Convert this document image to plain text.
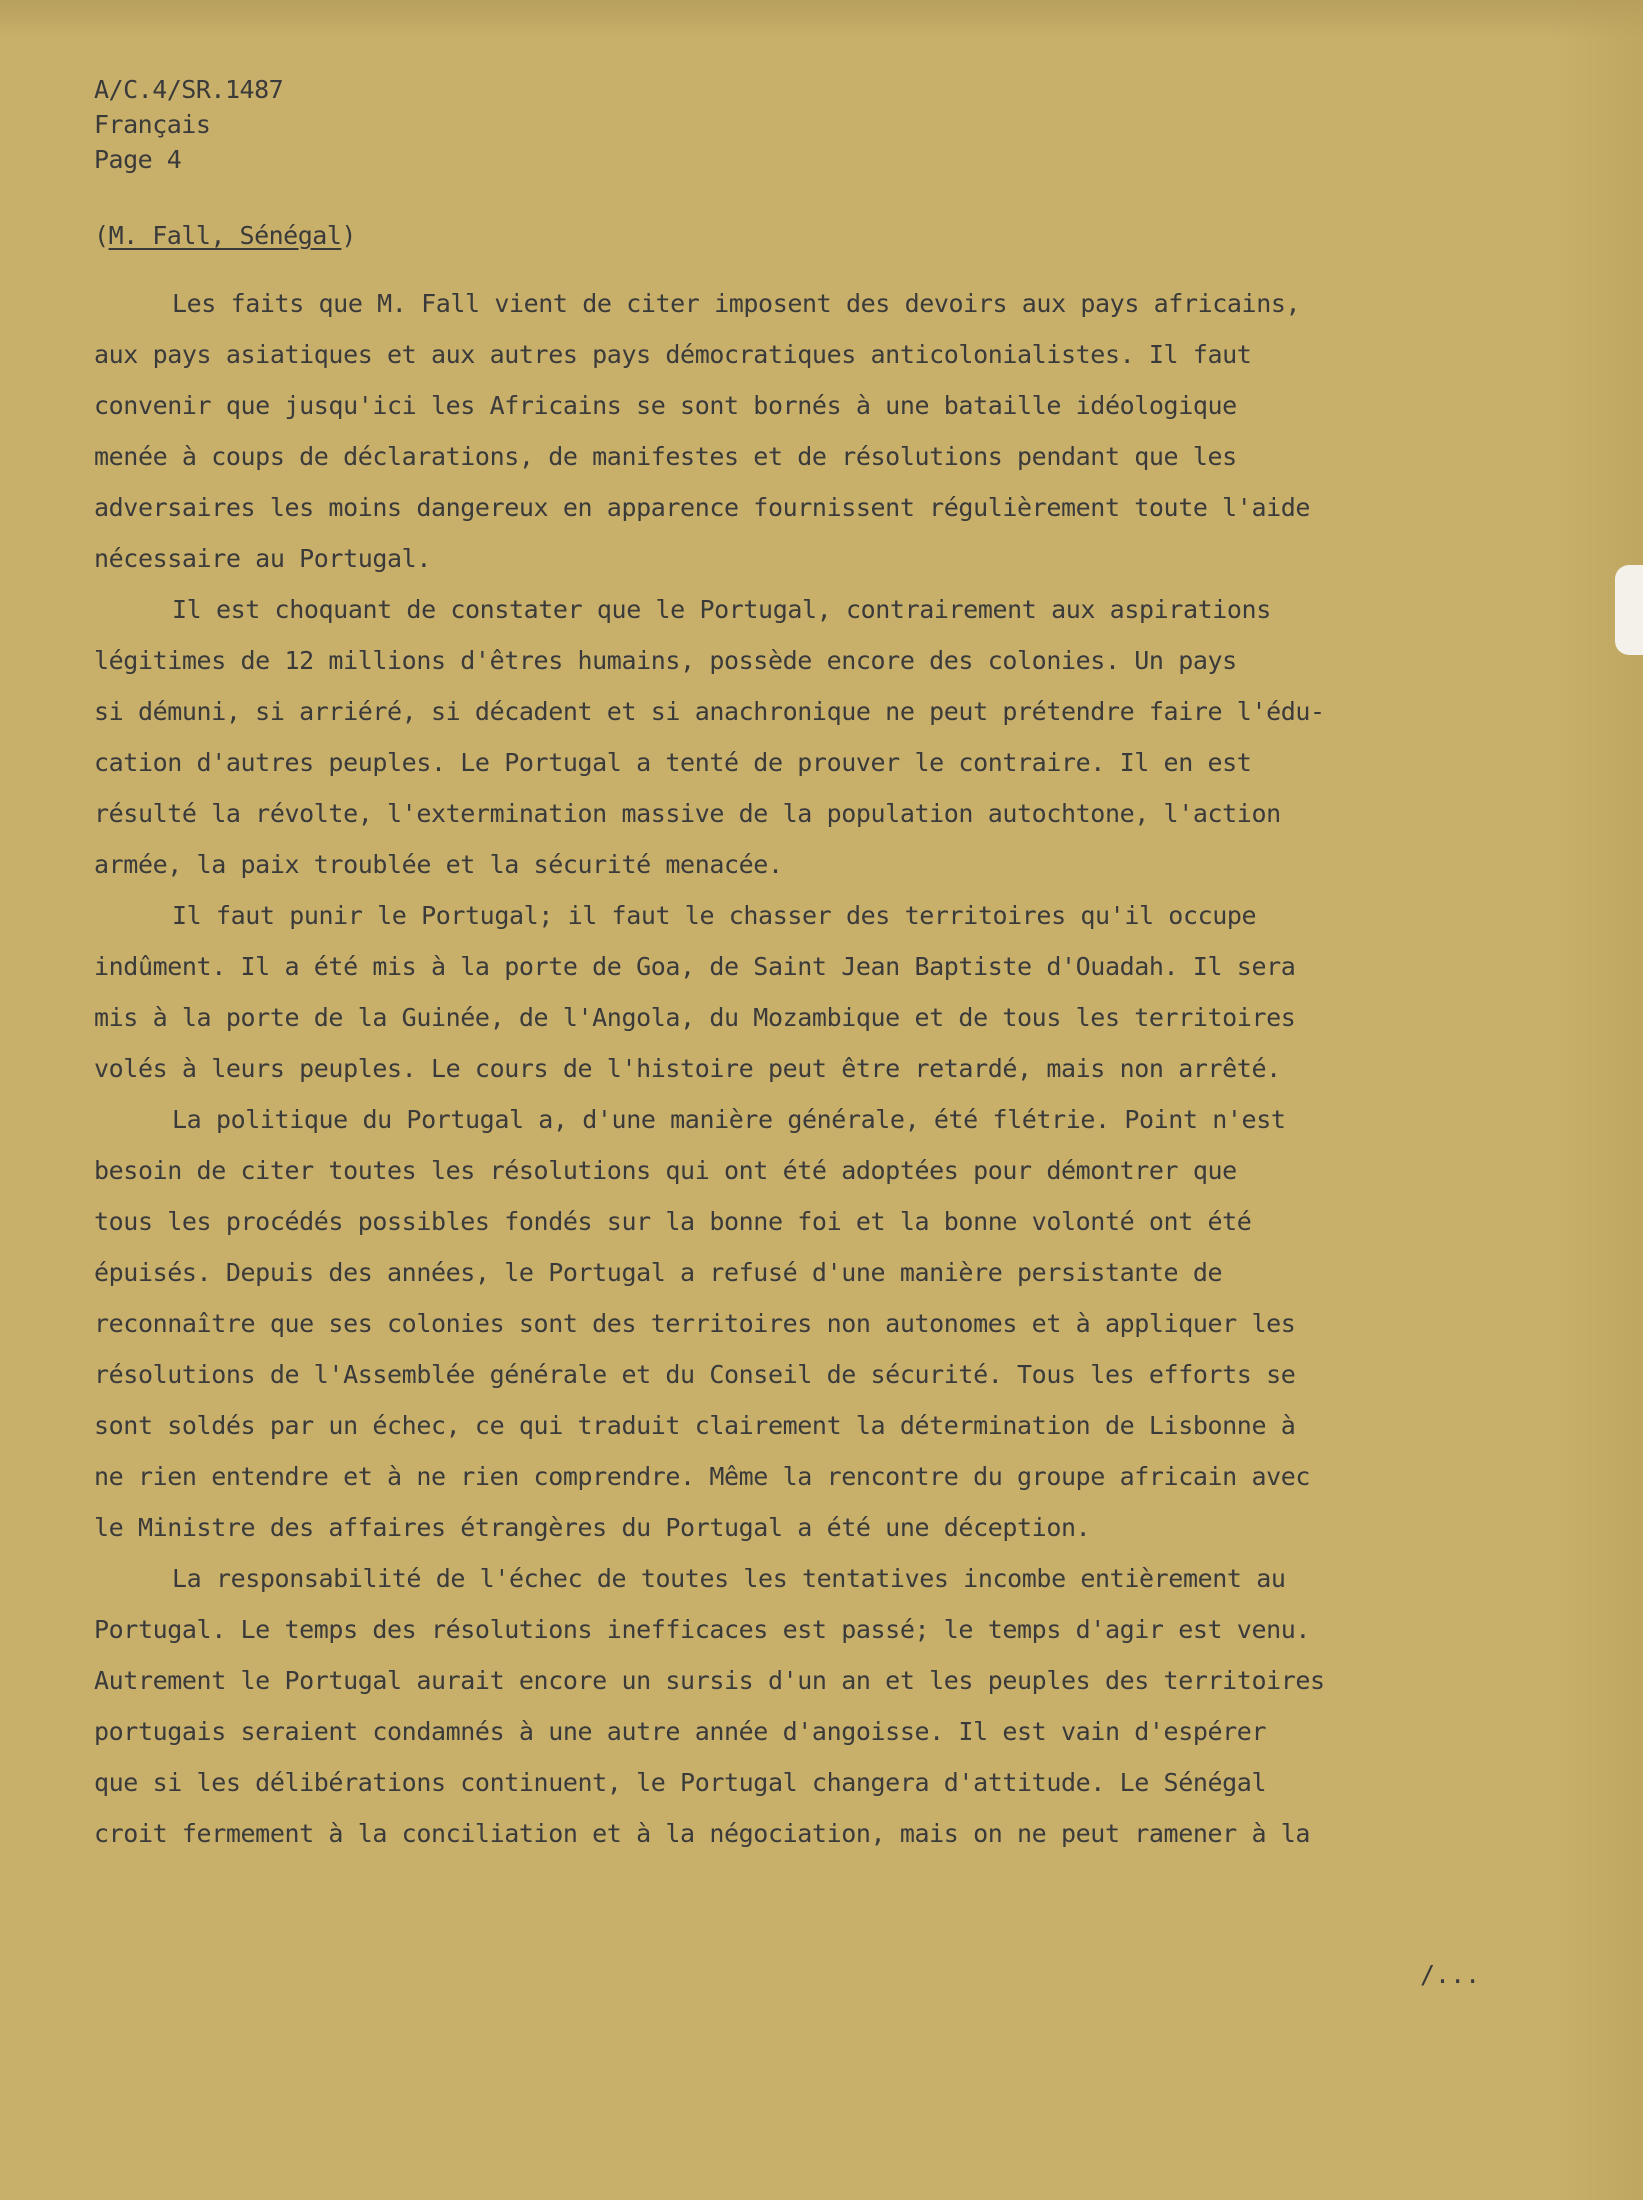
A/C.4/SR.1487
Français
Page 4
(M. Fall, Sénégal)
Les faits que M. Fall vient de citer imposent des devoirs aux pays africains,
aux pays asiatiques et aux autres pays démocratiques anticolonialistes. Il faut
convenir que jusqu'ici les Africains se sont bornés à une bataille idéologique
menée à coups de déclarations, de manifestes et de résolutions pendant que les
adversaires les moins dangereux en apparence fournissent régulièrement toute l'aide
nécessaire au Portugal.
Il est choquant de constater que le Portugal, contrairement aux aspirations
légitimes de 12 millions d'êtres humains, possède encore des colonies. Un pays
si démuni, si arriéré, si décadent et si anachronique ne peut prétendre faire l'édu-
cation d'autres peuples. Le Portugal a tenté de prouver le contraire. Il en est
résulté la révolte, l'extermination massive de la population autochtone, l'action
armée, la paix troublée et la sécurité menacée.
Il faut punir le Portugal; il faut le chasser des territoires qu'il occupe
indûment. Il a été mis à la porte de Goa, de Saint Jean Baptiste d'Ouadah. Il sera
mis à la porte de la Guinée, de l'Angola, du Mozambique et de tous les territoires
volés à leurs peuples. Le cours de l'histoire peut être retardé, mais non arrêté.
La politique du Portugal a, d'une manière générale, été flétrie. Point n'est
besoin de citer toutes les résolutions qui ont été adoptées pour démontrer que
tous les procédés possibles fondés sur la bonne foi et la bonne volonté ont été
épuisés. Depuis des années, le Portugal a refusé d'une manière persistante de
reconnaître que ses colonies sont des territoires non autonomes et à appliquer les
résolutions de l'Assemblée générale et du Conseil de sécurité. Tous les efforts se
sont soldés par un échec, ce qui traduit clairement la détermination de Lisbonne à
ne rien entendre et à ne rien comprendre. Même la rencontre du groupe africain avec
le Ministre des affaires étrangères du Portugal a été une déception.
La responsabilité de l'échec de toutes les tentatives incombe entièrement au
Portugal. Le temps des résolutions inefficaces est passé; le temps d'agir est venu.
Autrement le Portugal aurait encore un sursis d'un an et les peuples des territoires
portugais seraient condamnés à une autre année d'angoisse. Il est vain d'espérer
que si les délibérations continuent, le Portugal changera d'attitude. Le Sénégal
croit fermement à la conciliation et à la négociation, mais on ne peut ramener à la
/...
